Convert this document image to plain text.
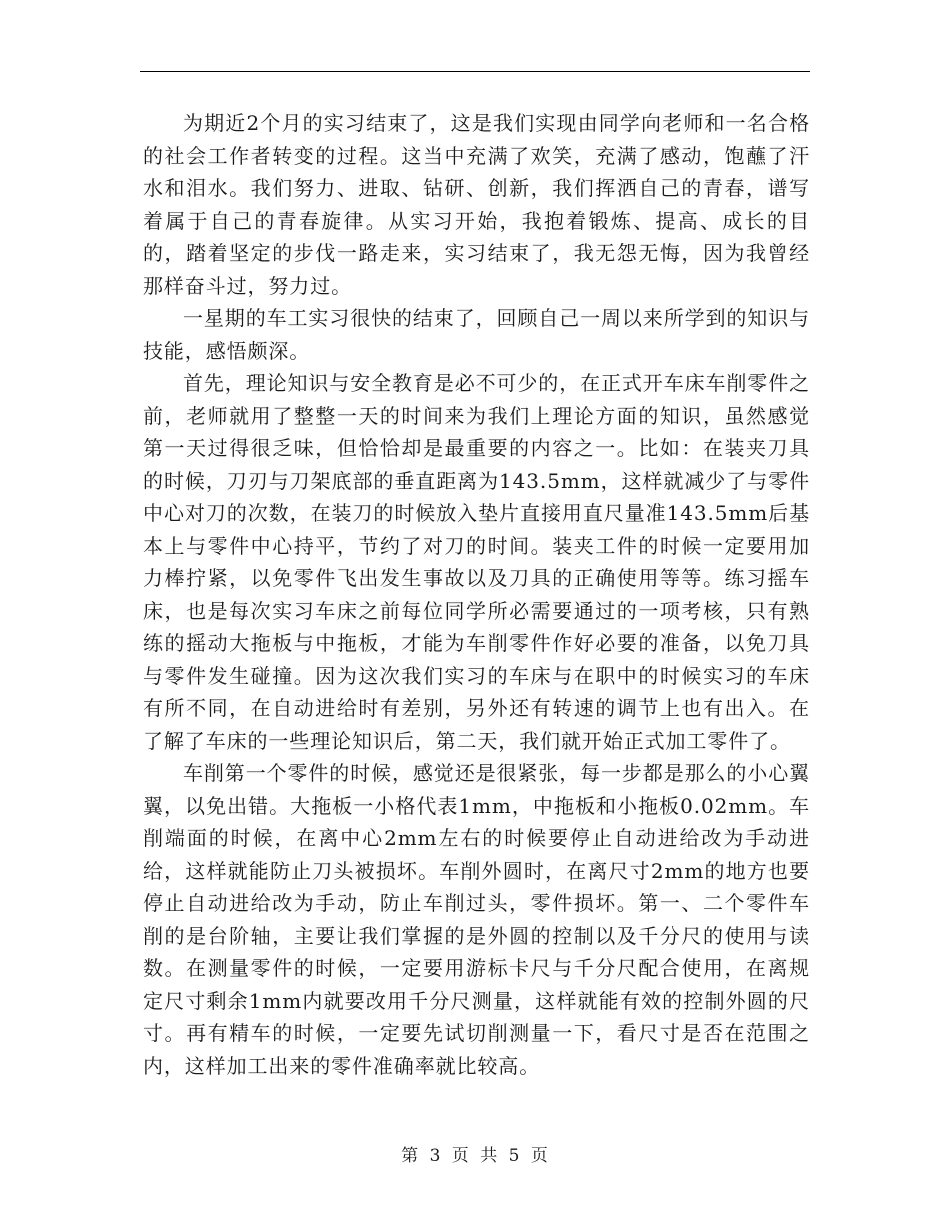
为期近2个月的实习结束了，这是我们实现由同学向老师和一名合格的社会工作者转变的过程。这当中充满了欢笑，充满了感动，饱蘸了汗水和泪水。我们努力、进取、钻研、创新，我们挥洒自己的青春，谱写着属于自己的青春旋律。从实习开始，我抱着锻炼、提高、成长的目的，踏着坚定的步伐一路走来，实习结束了，我无怨无悔，因为我曾经那样奋斗过，努力过。

一星期的车工实习很快的结束了，回顾自己一周以来所学到的知识与技能，感悟颇深。

首先，理论知识与安全教育是必不可少的，在正式开车床车削零件之前，老师就用了整整一天的时间来为我们上理论方面的知识，虽然感觉第一天过得很乏味，但恰恰却是最重要的内容之一。比如：在装夹刀具的时候，刀刃与刀架底部的垂直距离为143.5mm，这样就减少了与零件中心对刀的次数，在装刀的时候放入垫片直接用直尺量准143.5mm后基本上与零件中心持平，节约了对刀的时间。装夹工件的时候一定要用加力棒拧紧，以免零件飞出发生事故以及刀具的正确使用等等。练习摇车床，也是每次实习车床之前每位同学所必需要通过的一项考核，只有熟练的摇动大拖板与中拖板，才能为车削零件作好必要的准备，以免刀具与零件发生碰撞。因为这次我们实习的车床与在职中的时候实习的车床有所不同，在自动进给时有差别，另外还有转速的调节上也有出入。在了解了车床的一些理论知识后，第二天，我们就开始正式加工零件了。

车削第一个零件的时候，感觉还是很紧张，每一步都是那么的小心翼翼，以免出错。大拖板一小格代表1mm，中拖板和小拖板0.02mm。车削端面的时候，在离中心2mm左右的时候要停止自动进给改为手动进给，这样就能防止刀头被损坏。车削外圆时，在离尺寸2mm的地方也要停止自动进给改为手动，防止车削过头，零件损坏。第一、二个零件车削的是台阶轴，主要让我们掌握的是外圆的控制以及千分尺的使用与读数。在测量零件的时候，一定要用游标卡尺与千分尺配合使用，在离规定尺寸剩余1mm内就要改用千分尺测量，这样就能有效的控制外圆的尺寸。再有精车的时候，一定要先试切削测量一下，看尺寸是否在范围之内，这样加工出来的零件准确率就比较高。

第 3 页 共 5 页
